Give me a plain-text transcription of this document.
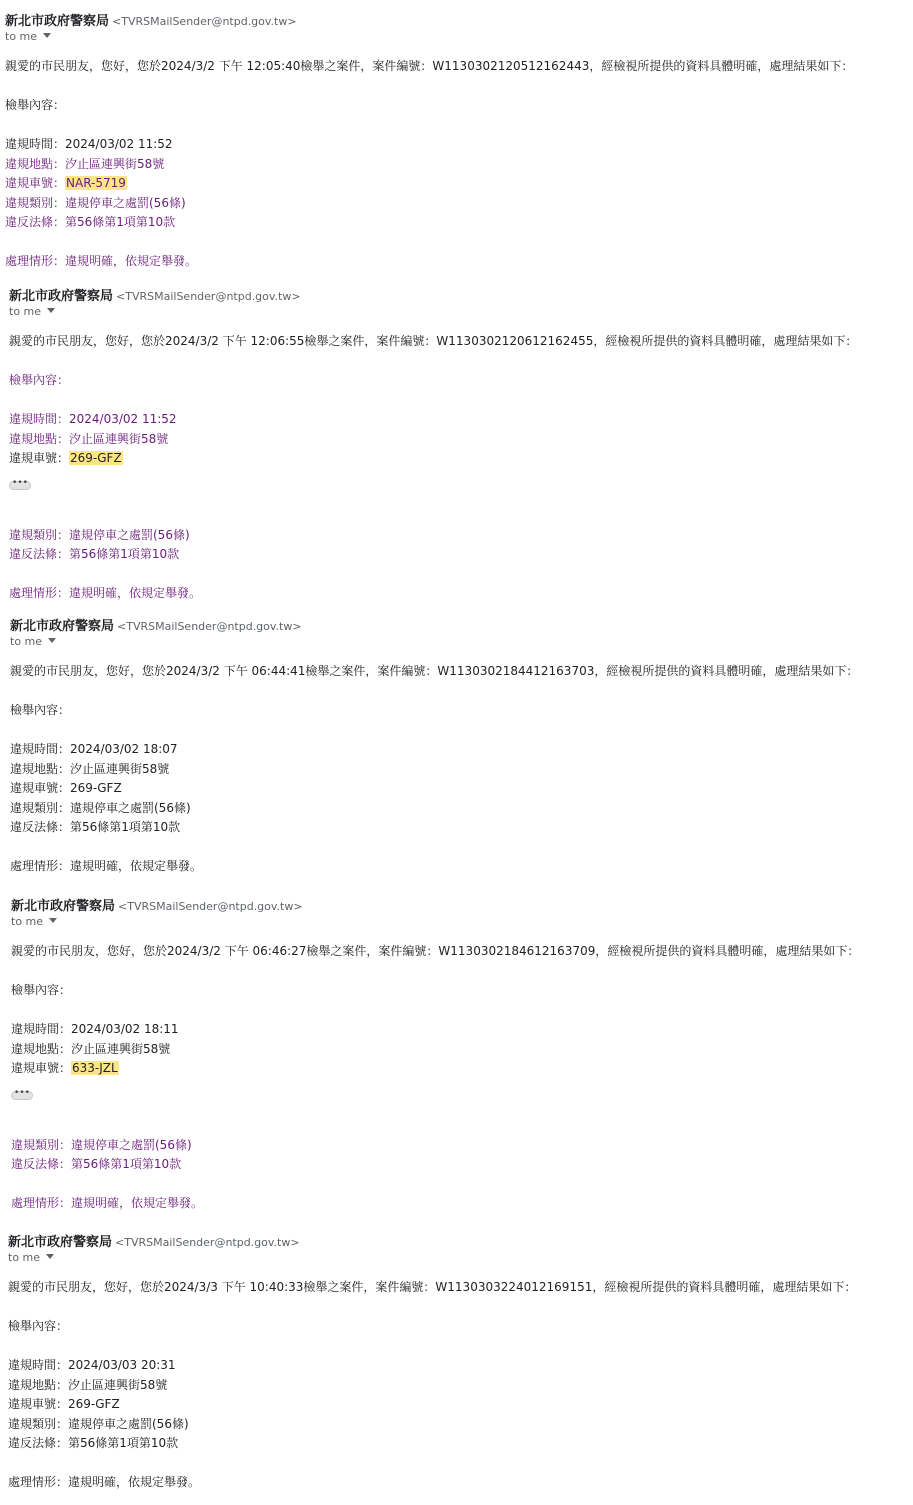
新北市政府警察局 <TVRSMailSender@ntpd.gov.tw>
to me
親愛的市民朋友，您好，您於2024/3/2 下午 12:05:40檢舉之案件，案件編號：W1130302120512162443，經檢視所提供的資料具體明確，處理結果如下：
檢舉內容：
違規時間：2024/03/02 11:52
違規地點：汐止區連興街58號
違規車號：NAR-5719
違規類別：違規停車之處罰(56條)
違反法條：第56條第1項第10款
處理情形：違規明確，依規定舉發。
新北市政府警察局 <TVRSMailSender@ntpd.gov.tw>
to me
親愛的市民朋友，您好，您於2024/3/2 下午 12:06:55檢舉之案件，案件編號：W1130302120612162455，經檢視所提供的資料具體明確，處理結果如下：
檢舉內容：
違規時間：2024/03/02 11:52
違規地點：汐止區連興街58號
違規車號：269-GFZ
•••
違規類別：違規停車之處罰(56條)
違反法條：第56條第1項第10款
處理情形：違規明確，依規定舉發。
新北市政府警察局 <TVRSMailSender@ntpd.gov.tw>
to me
親愛的市民朋友，您好，您於2024/3/2 下午 06:44:41檢舉之案件，案件編號：W1130302184412163703，經檢視所提供的資料具體明確，處理結果如下：
檢舉內容：
違規時間：2024/03/02 18:07
違規地點：汐止區連興街58號
違規車號：269-GFZ
違規類別：違規停車之處罰(56條)
違反法條：第56條第1項第10款
處理情形：違規明確，依規定舉發。
新北市政府警察局 <TVRSMailSender@ntpd.gov.tw>
to me
親愛的市民朋友，您好，您於2024/3/2 下午 06:46:27檢舉之案件，案件編號：W1130302184612163709，經檢視所提供的資料具體明確，處理結果如下：
檢舉內容：
違規時間：2024/03/02 18:11
違規地點：汐止區連興街58號
違規車號：633-JZL
•••
違規類別：違規停車之處罰(56條)
違反法條：第56條第1項第10款
處理情形：違規明確，依規定舉發。
新北市政府警察局 <TVRSMailSender@ntpd.gov.tw>
to me
親愛的市民朋友，您好，您於2024/3/3 下午 10:40:33檢舉之案件，案件編號：W1130303224012169151，經檢視所提供的資料具體明確，處理結果如下：
檢舉內容：
違規時間：2024/03/03 20:31
違規地點：汐止區連興街58號
違規車號：269-GFZ
違規類別：違規停車之處罰(56條)
違反法條：第56條第1項第10款
處理情形：違規明確，依規定舉發。
